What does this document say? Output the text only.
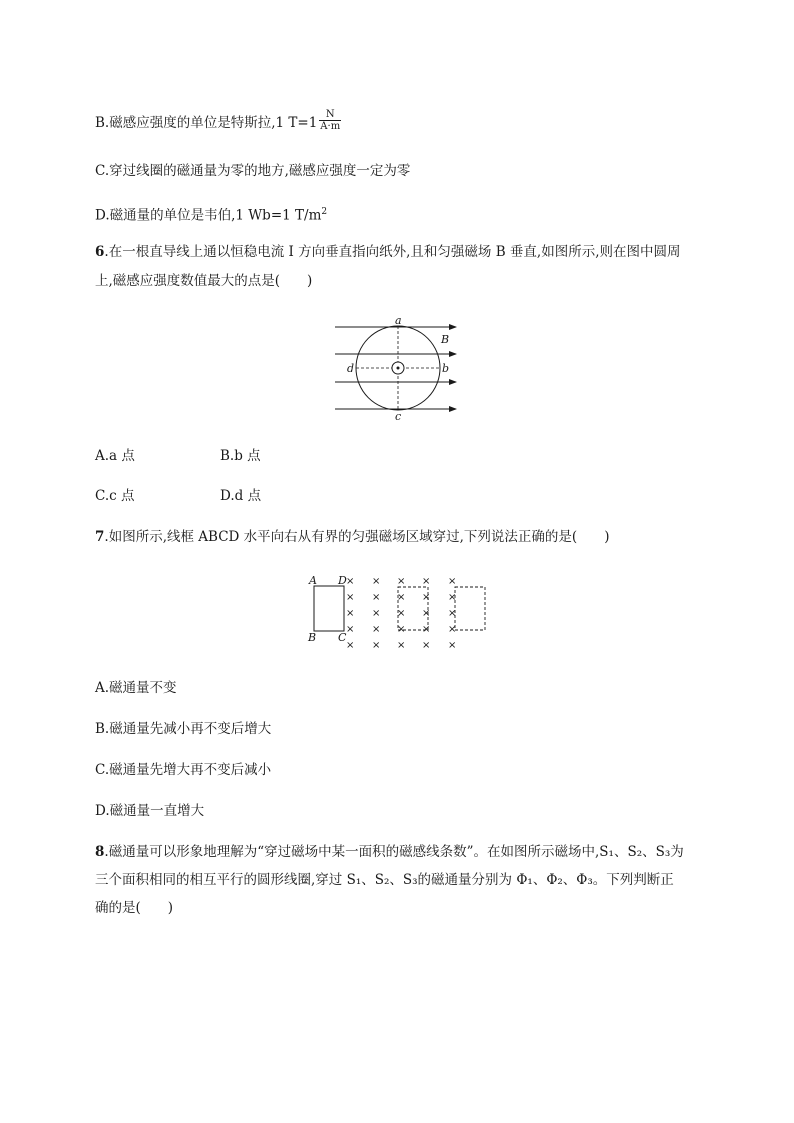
B.磁感应强度的单位是特斯拉,1 $T=1 \frac{N}{A\cdot m}$
C.穿过线圈的磁通量为零的地方,磁感应强度一定为零
D.磁通量的单位是韦伯,1 Wb=1 $T/m^2$
6.在一根直导线上通以恒稳电流 I 方向垂直指向纸外,且和匀强磁场 B 垂直,如图所示,则在图中圆周
上,磁感应强度数值最大的点是(　　)
a
b
c
d
B
A.a 点	B.b 点
C.c 点	D.d 点
7.如图所示,线框 ABCD 水平向右从有界的匀强磁场区域穿过,下列说法正确的是(　　)
A D
B C
× × × × ×
× × × × ×
× × × × ×
× × × × ×
× × × × ×
A.磁通量不变
B.磁通量先减小再不变后增大
C.磁通量先增大再不变后减小
D.磁通量一直增大
8.磁通量可以形象地理解为“穿过磁场中某一面积的磁感线条数”。在如图所示磁场中,S₁、S₂、S₃为
三个面积相同的相互平行的圆形线圈,穿过 S₁、S₂、S₃的磁通量分别为 Φ₁、Φ₂、Φ₃。下列判断正
确的是(　　)
